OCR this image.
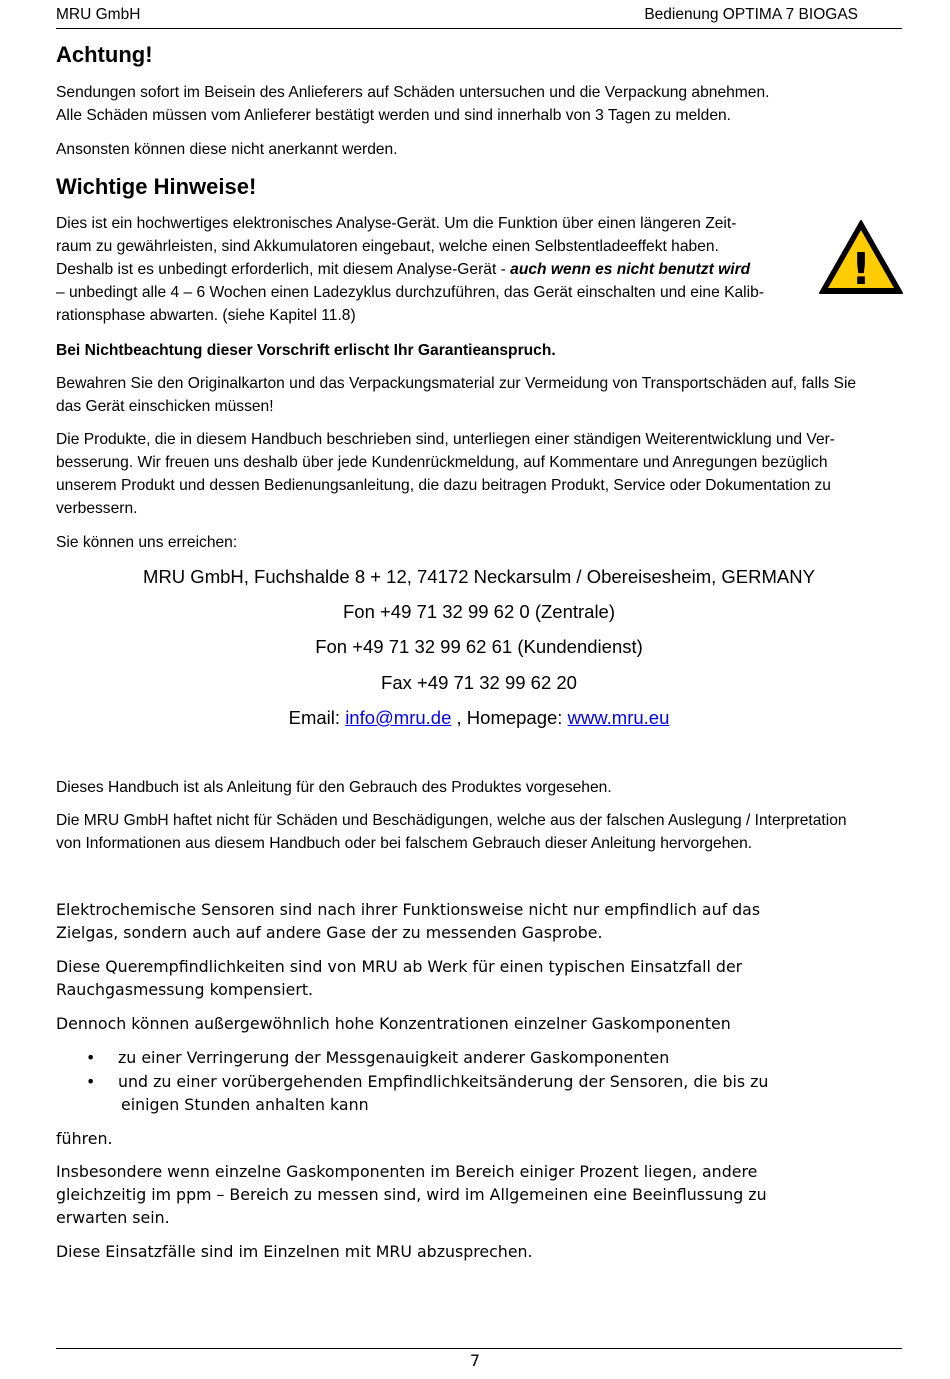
MRU GmbH	Bedienung OPTIMA 7 BIOGAS
Achtung!
Sendungen sofort im Beisein des Anlieferers auf Schäden untersuchen und die Verpackung abnehmen.
Alle Schäden müssen vom Anlieferer bestätigt werden und sind innerhalb von 3 Tagen zu melden.
Ansonsten können diese nicht anerkannt werden.
Wichtige Hinweise!
Dies ist ein hochwertiges elektronisches Analyse-Gerät. Um die Funktion über einen längeren Zeit-
raum zu gewährleisten, sind Akkumulatoren eingebaut, welche einen Selbstentladeeffekt haben.
Deshalb ist es unbedingt erforderlich, mit diesem Analyse-Gerät - auch wenn es nicht benutzt wird
– unbedingt alle 4 – 6 Wochen einen Ladezyklus durchzuführen, das Gerät einschalten und eine Kalib-
rationsphase abwarten. (siehe Kapitel 11.8)
!
Bei Nichtbeachtung dieser Vorschrift erlischt Ihr Garantieanspruch.
Bewahren Sie den Originalkarton und das Verpackungsmaterial zur Vermeidung von Transportschäden auf, falls Sie
das Gerät einschicken müssen!
Die Produkte, die in diesem Handbuch beschrieben sind, unterliegen einer ständigen Weiterentwicklung und Ver-
besserung. Wir freuen uns deshalb über jede Kundenrückmeldung, auf Kommentare und Anregungen bezüglich
unserem Produkt und dessen Bedienungsanleitung, die dazu beitragen Produkt, Service oder Dokumentation zu
verbessern.
Sie können uns erreichen:
MRU GmbH, Fuchshalde 8 + 12, 74172 Neckarsulm / Obereisesheim, GERMANY
Fon +49 71 32 99 62 0 (Zentrale)
Fon +49 71 32 99 62 61 (Kundendienst)
Fax +49 71 32 99 62 20
Email: info@mru.de , Homepage: www.mru.eu
Dieses Handbuch ist als Anleitung für den Gebrauch des Produktes vorgesehen.
Die MRU GmbH haftet nicht für Schäden und Beschädigungen, welche aus der falschen Auslegung / Interpretation
von Informationen aus diesem Handbuch oder bei falschem Gebrauch dieser Anleitung hervorgehen.
Elektrochemische Sensoren sind nach ihrer Funktionsweise nicht nur empfindlich auf das
Zielgas, sondern auch auf andere Gase der zu messenden Gasprobe.
Diese Querempfindlichkeiten sind von MRU ab Werk für einen typischen Einsatzfall der
Rauchgasmessung kompensiert.
Dennoch können außergewöhnlich hohe Konzentrationen einzelner Gaskomponenten
• zu einer Verringerung der Messgenauigkeit anderer Gaskomponenten
• und zu einer vorübergehenden Empfindlichkeitsänderung der Sensoren, die bis zu
einigen Stunden anhalten kann
führen.
Insbesondere wenn einzelne Gaskomponenten im Bereich einiger Prozent liegen, andere
gleichzeitig im ppm – Bereich zu messen sind, wird im Allgemeinen eine Beeinflussung zu
erwarten sein.
Diese Einsatzfälle sind im Einzelnen mit MRU abzusprechen.
7
